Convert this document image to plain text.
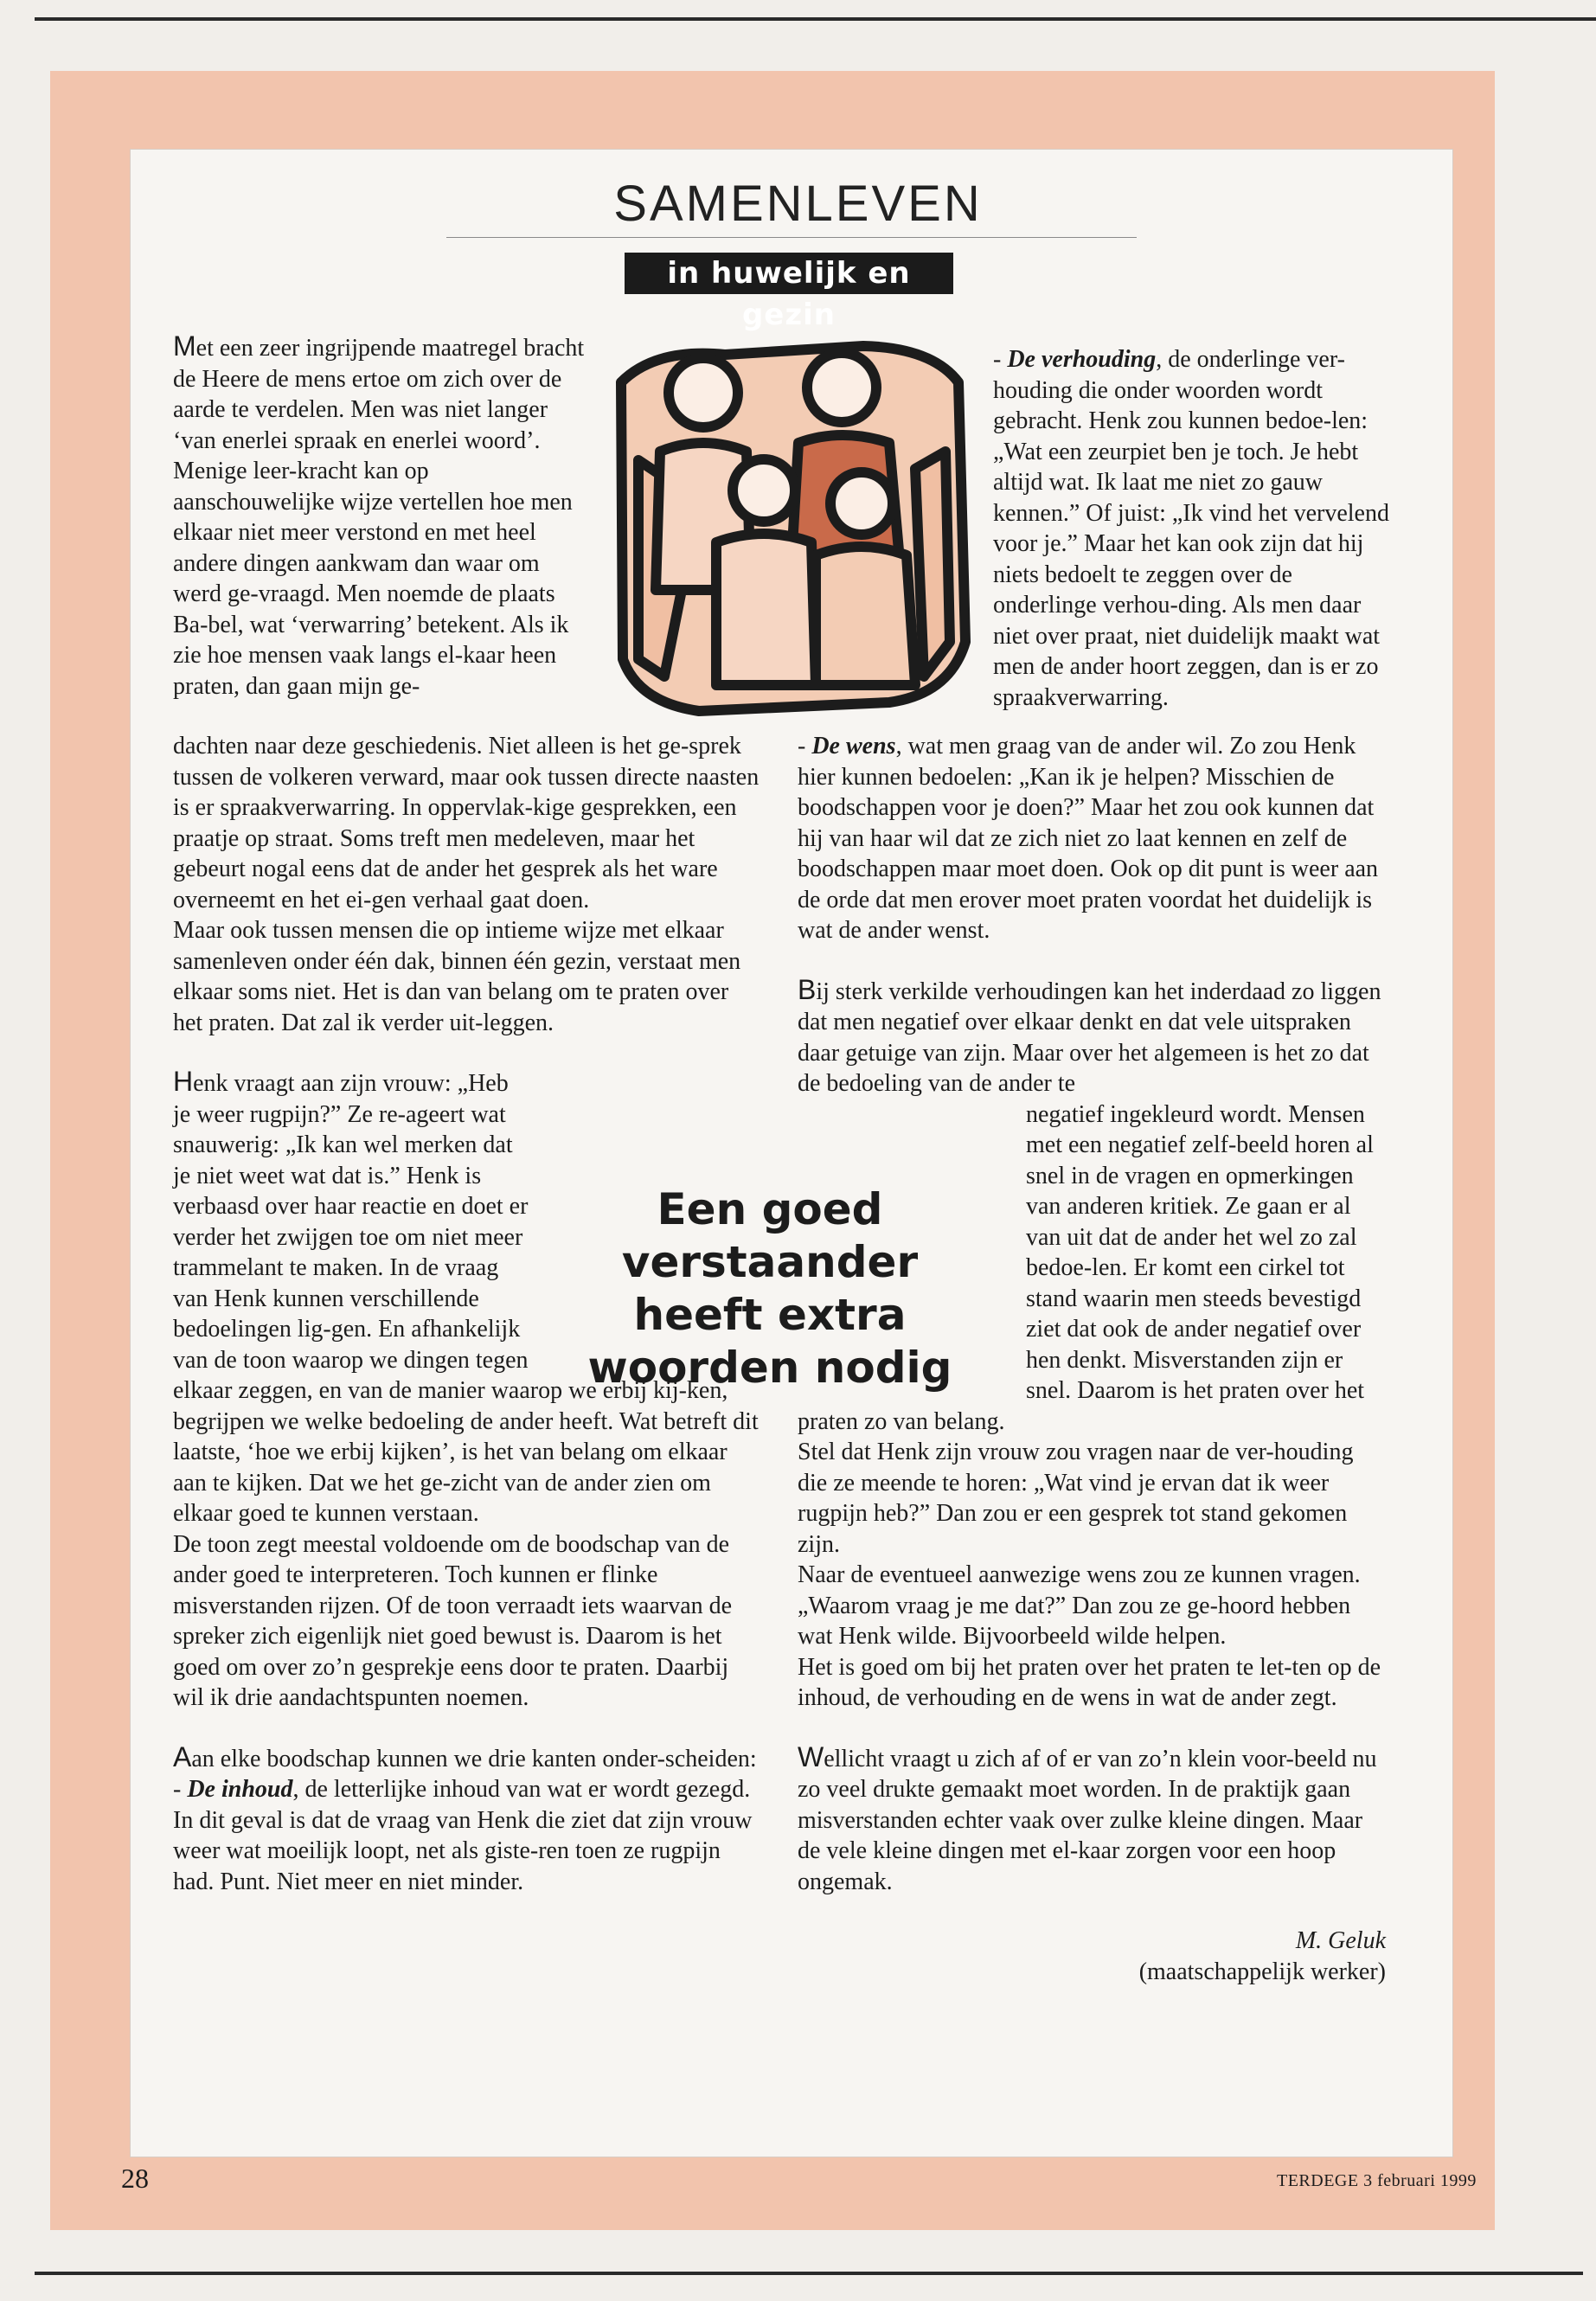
SAMENLEVEN
in huwelijk en gezin

Met een zeer ingrijpende maatregel bracht de Heere de mens ertoe om zich over de aarde te verdelen. Men was niet langer ‘van enerlei spraak en enerlei woord’. Menige leer-kracht kan op aanschouwelijke wijze vertellen hoe men elkaar niet meer verstond en met heel andere dingen aankwam dan waar om werd ge-vraagd. Men noemde de plaats Ba-bel, wat ‘verwarring’ betekent. Als ik zie hoe mensen vaak langs el-kaar heen praten, dan gaan mijn ge-

dachten naar deze geschiedenis. Niet alleen is het ge-sprek tussen de volkeren verward, maar ook tussen directe naasten is er spraakverwarring. In oppervlak-kige gesprekken, een praatje op straat. Soms treft men medeleven, maar het gebeurt nogal eens dat de ander het gesprek als het ware overneemt en het ei-gen verhaal gaat doen.

Maar ook tussen mensen die op intieme wijze met elkaar samenleven onder één dak, binnen één gezin, verstaat men elkaar soms niet. Het is dan van belang om te praten over het praten. Dat zal ik verder uit-leggen.

Henk vraagt aan zijn vrouw: „Heb je weer rugpijn?” Ze re-ageert wat snauwerig: „Ik kan wel merken dat je niet weet wat dat is.” Henk is verbaasd over haar reactie en doet er verder het zwijgen toe om niet meer trammelant te maken. In de vraag van Henk kunnen verschillende bedoelingen lig-gen. En afhankelijk van de toon waarop we dingen tegen

elkaar zeggen, en van de manier waarop we erbij kij-ken, begrijpen we welke bedoeling de ander heeft. Wat betreft dit laatste, ‘hoe we erbij kijken’, is het van belang om elkaar aan te kijken. Dat we het ge-zicht van de ander zien om elkaar goed te kunnen verstaan.

De toon zegt meestal voldoende om de boodschap van de ander goed te interpreteren. Toch kunnen er flinke misverstanden rijzen. Of de toon verraadt iets waarvan de spreker zich eigenlijk niet goed bewust is. Daarom is het goed om over zo’n gesprekje eens door te praten. Daarbij wil ik drie aandachtspunten noemen.

Aan elke boodschap kunnen we drie kanten onder-scheiden:

- De inhoud, de letterlijke inhoud van wat er wordt gezegd. In dit geval is dat de vraag van Henk die ziet dat zijn vrouw weer wat moeilijk loopt, net als giste-ren toen ze rugpijn had. Punt. Niet meer en niet minder.

Een goed
verstaander
heeft extra
woorden nodig

- De verhouding, de onderlinge ver-houding die onder woorden wordt gebracht. Henk zou kunnen bedoe-len: „Wat een zeurpiet ben je toch. Je hebt altijd wat. Ik laat me niet zo gauw kennen.” Of juist: „Ik vind het vervelend voor je.” Maar het kan ook zijn dat hij niets bedoelt te zeggen over de onderlinge verhou-ding. Als men daar niet over praat, niet duidelijk maakt wat men de ander hoort zeggen, dan is er zo spraakverwarring.

- De wens, wat men graag van de ander wil. Zo zou Henk hier kunnen bedoelen: „Kan ik je helpen? Misschien de boodschappen voor je doen?” Maar het zou ook kunnen dat hij van haar wil dat ze zich niet zo laat kennen en zelf de boodschappen maar moet doen. Ook op dit punt is weer aan de orde dat men erover moet praten voordat het duidelijk is wat de ander wenst.

Bij sterk verkilde verhoudingen kan het inderdaad zo liggen dat men negatief over elkaar denkt en dat vele uitspraken daar getuige van zijn. Maar over het algemeen is het zo dat de bedoeling van de ander te

negatief ingekleurd wordt. Mensen met een negatief zelf-beeld horen al snel in de vragen en opmerkingen van anderen kritiek. Ze gaan er al van uit dat de ander het wel zo zal bedoe-len. Er komt een cirkel tot stand waarin men steeds bevestigd ziet dat ook de ander negatief over hen denkt. Misverstanden zijn er snel. Daarom is het praten over het

praten zo van belang.

Stel dat Henk zijn vrouw zou vragen naar de ver-houding die ze meende te horen: „Wat vind je ervan dat ik weer rugpijn heb?” Dan zou er een gesprek tot stand gekomen zijn.

Naar de eventueel aanwezige wens zou ze kunnen vragen. „Waarom vraag je me dat?” Dan zou ze ge-hoord hebben wat Henk wilde. Bijvoorbeeld wilde helpen.

Het is goed om bij het praten over het praten te let-ten op de inhoud, de verhouding en de wens in wat de ander zegt.

Wellicht vraagt u zich af of er van zo’n klein voor-beeld nu zo veel drukte gemaakt moet worden. In de praktijk gaan misverstanden echter vaak over zulke kleine dingen. Maar de vele kleine dingen met el-kaar zorgen voor een hoop ongemak.

M. Geluk

(maatschappelijk werker)

28	TERDEGE 3 februari 1999
